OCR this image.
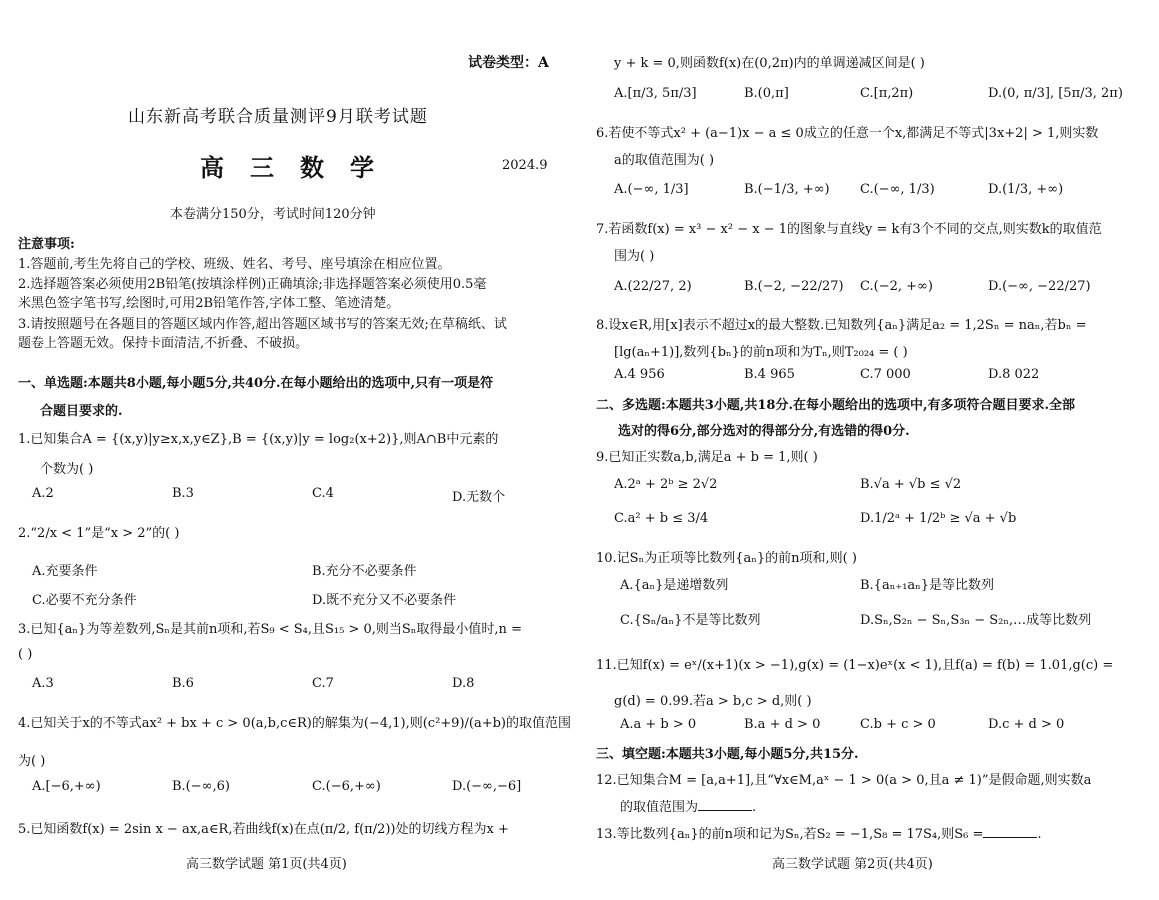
试卷类型：A
山东新高考联合质量测评9月联考试题
高三数学	2024.9
本卷满分150分，考试时间120分钟
注意事项:
1.答题前,考生先将自己的学校、班级、姓名、考号、座号填涂在相应位置。
2.选择题答案必须使用2B铅笔(按填涂样例)正确填涂;非选择题答案必须使用0.5毫
米黑色签字笔书写,绘图时,可用2B铅笔作答,字体工整、笔迹清楚。
3.请按照题号在各题目的答题区域内作答,超出答题区域书写的答案无效;在草稿纸、试
题卷上答题无效。保持卡面清洁,不折叠、不破损。
一、单选题:本题共8小题,每小题5分,共40分.在每小题给出的选项中,只有一项是符
合题目要求的.
1.已知集合A = {(x,y)|y≥x,x,y∈Z},B = {(x,y)|y = log₂(x+2)},则A∩B中元素的
个数为( )
A.2	B.3	C.4	D.无数个
2.“2/x < 1”是“x > 2”的( )
A.充要条件	B.充分不必要条件
C.必要不充分条件	D.既不充分又不必要条件
3.已知{aₙ}为等差数列,Sₙ是其前n项和,若S₉ < S₄,且S₁₅ > 0,则当Sₙ取得最小值时,n =
( )
A.3	B.6	C.7	D.8
4.已知关于x的不等式ax² + bx + c > 0(a,b,c∈R)的解集为(−4,1),则(c²+9)/(a+b)的取值范围
为( )
A.[−6,+∞)	B.(−∞,6)	C.(−6,+∞)	D.(−∞,−6]
5.已知函数f(x) = 2sin x − ax,a∈R,若曲线f(x)在点(π/2, f(π/2))处的切线方程为x +
高三数学试题 第1页(共4页)
y + k = 0,则函数f(x)在(0,2π)内的单调递减区间是( )
A.[π/3, 5π/3]	B.(0,π]	C.[π,2π)	D.(0, π/3], [5π/3, 2π)
6.若使不等式x² + (a−1)x − a ≤ 0成立的任意一个x,都满足不等式|3x+2| > 1,则实数
a的取值范围为( )
A.(−∞, 1/3]	B.(−1/3, +∞) C.(−∞, 1/3)	D.(1/3, +∞)
7.若函数f(x) = x³ − x² − x − 1的图象与直线y = k有3个不同的交点,则实数k的取值范
围为( )
A.(22/27, 2)	B.(−2, −22/27) C.(−2, +∞)	D.(−∞, −22/27)
8.设x∈R,用[x]表示不超过x的最大整数.已知数列{aₙ}满足a₂ = 1,2Sₙ = naₙ,若bₙ =
[lg(aₙ+1)],数列{bₙ}的前n项和为Tₙ,则T₂₀₂₄ = ( )
A.4 956	B.4 965	C.7 000	D.8 022
二、多选题:本题共3小题,共18分.在每小题给出的选项中,有多项符合题目要求.全部
选对的得6分,部分选对的得部分分,有选错的得0分.
9.已知正实数a,b,满足a + b = 1,则( )
A.2ᵃ + 2ᵇ ≥ 2√2	B.√a + √b ≤ √2
C.a² + b ≤ 3/4	D.1/2ᵃ + 1/2ᵇ ≥ √a + √b
10.记Sₙ为正项等比数列{aₙ}的前n项和,则( )
A.{aₙ}是递增数列	B.{aₙ₊₁aₙ}是等比数列
C.{Sₙ/aₙ}不是等比数列	D.Sₙ,S₂ₙ − Sₙ,S₃ₙ − S₂ₙ,…成等比数列
11.已知f(x) = eˣ/(x+1)(x > −1),g(x) = (1−x)eˣ(x < 1),且f(a) = f(b) = 1.01,g(c) =
g(d) = 0.99.若a > b,c > d,则( )
A.a + b > 0	B.a + d > 0	C.b + c > 0	D.c + d > 0
三、填空题:本题共3小题,每小题5分,共15分.
12.已知集合M = [a,a+1],且“∀x∈M,aˣ − 1 > 0(a > 0,且a ≠ 1)”是假命题,则实数a
的取值范围为	.
13.等比数列{aₙ}的前n项和记为Sₙ,若S₂ = −1,S₈ = 17S₄,则S₆ =	.
高三数学试题 第2页(共4页)
